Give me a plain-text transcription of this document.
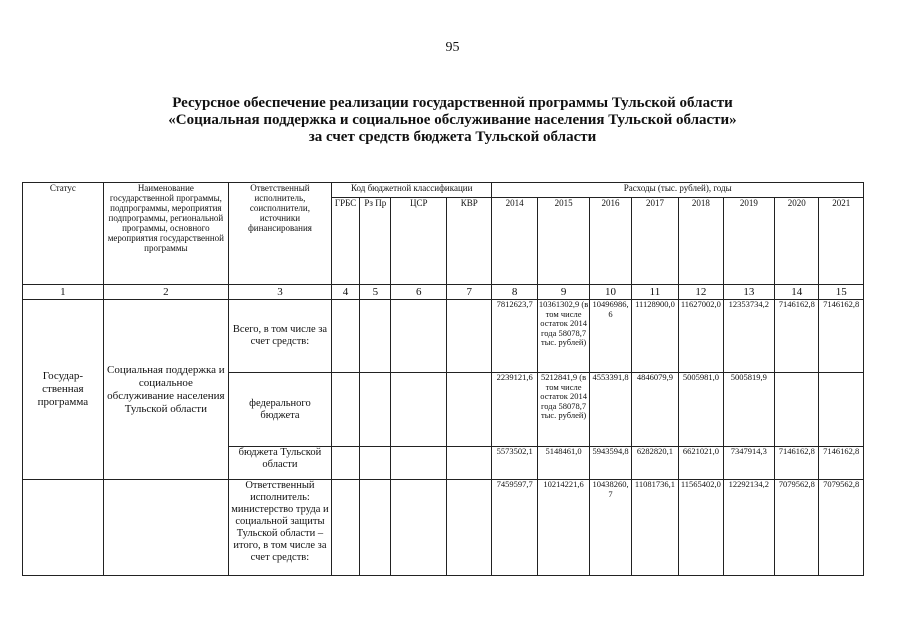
95
Ресурсное обеспечение реализации государственной программы Тульской области
«Социальная поддержка и социальное обслуживание населения Тульской области»
за счет средств бюджета Тульской области
Статус	Наименование государственной программы, подпрограммы, мероприятия подпрограммы, региональной программы, основного мероприятия государственной программы	Ответственный исполнитель, соисполнители, источники финансирования	Код бюджетной классификации				Расходы (тыс. рублей), годы							
			ГРБС	Рз Пр	ЦСР	КВР	2014	2015	2016	2017	2018	2019	2020	2021
1	2	3	4	5	6	7	8	9	10	11	12	13	14	15
Государ-ственная программа	Социальная поддержка и социальное обслуживание населения Тульской области	Всего, в том числе за счет средств:					7812623,7	10361302,9 (в том числе остаток 2014 года 58078,7 тыс. рублей)	10496986,6	11128900,0	11627002,0	12353734,2	7146162,8	7146162,8
		федерального бюджета					2239121,6	5212841,9 (в том числе остаток 2014 года 58078,7 тыс. рублей)	4553391,8	4846079,9	5005981,0	5005819,9		
		бюджета Тульской области					5573502,1	5148461,0	5943594,8	6282820,1	6621021,0	7347914,3	7146162,8	7146162,8
		Ответственный исполнитель: министерство труда и социальной защиты Тульской области – итого, в том числе за счет средств:					7459597,7	10214221,6	10438260,7	11081736,1	11565402,0	12292134,2	7079562,8	7079562,8
